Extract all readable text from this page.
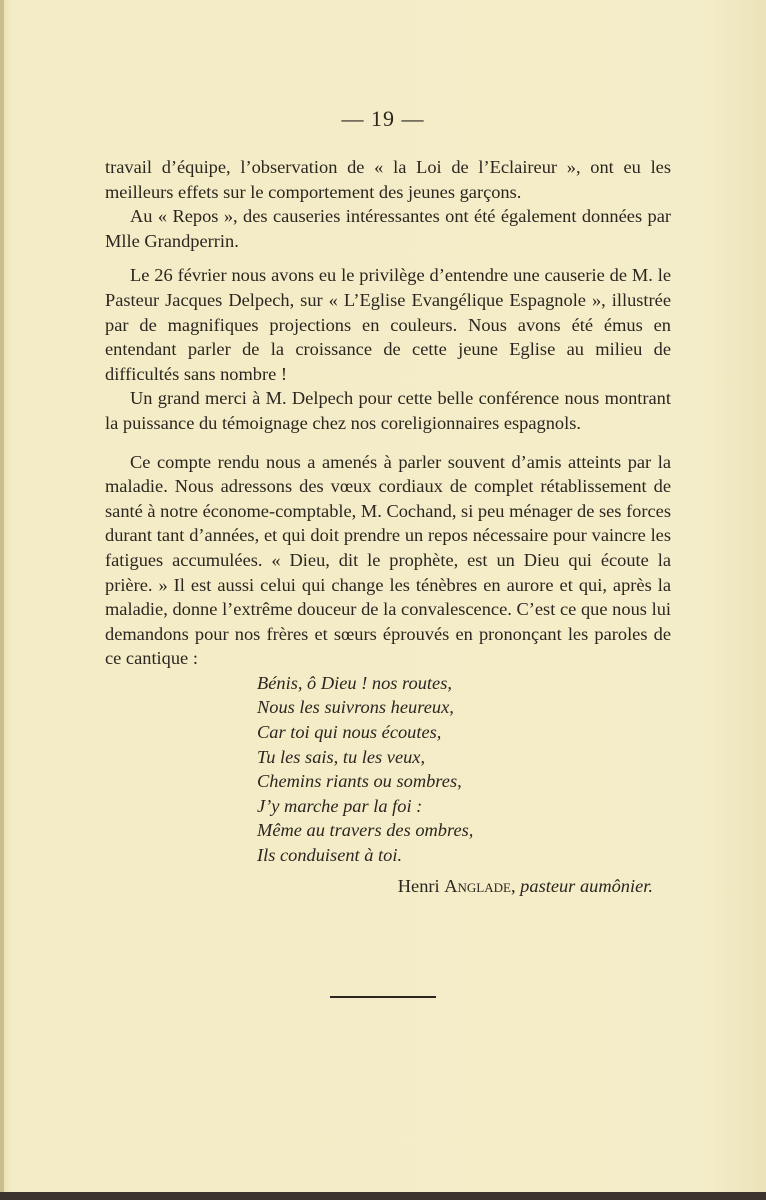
— 19 —

travail d’équipe, l’observation de « la Loi de l’Eclaireur », ont eu les meilleurs effets sur le comportement des jeunes garçons.

Au « Repos », des causeries intéressantes ont été également données par Mlle Grandperrin.

Le 26 février nous avons eu le privilège d’entendre une causerie de M. le Pasteur Jacques Delpech, sur « L’Eglise Evangélique Espagnole », illustrée par de magnifiques projections en couleurs. Nous avons été émus en entendant parler de la croissance de cette jeune Eglise au milieu de difficultés sans nombre !

Un grand merci à M. Delpech pour cette belle conférence nous montrant la puissance du témoignage chez nos coreligionnaires espagnols.

Ce compte rendu nous a amenés à parler souvent d’amis atteints par la maladie. Nous adressons des vœux cordiaux de complet rétablissement de santé à notre économe-comptable, M. Cochand, si peu ménager de ses forces durant tant d’années, et qui doit prendre un repos nécessaire pour vaincre les fatigues accumulées. « Dieu, dit le prophète, est un Dieu qui écoute la prière. » Il est aussi celui qui change les ténèbres en aurore et qui, après la maladie, donne l’extrême douceur de la convalescence. C’est ce que nous lui demandons pour nos frères et sœurs éprouvés en prononçant les paroles de ce cantique :

Bénis, ô Dieu ! nos routes,
Nous les suivrons heureux,
Car toi qui nous écoutes,
Tu les sais, tu les veux,
Chemins riants ou sombres,
J’y marche par la foi :
Même au travers des ombres,
Ils conduisent à toi.
Henri Anglade, pasteur aumônier.
